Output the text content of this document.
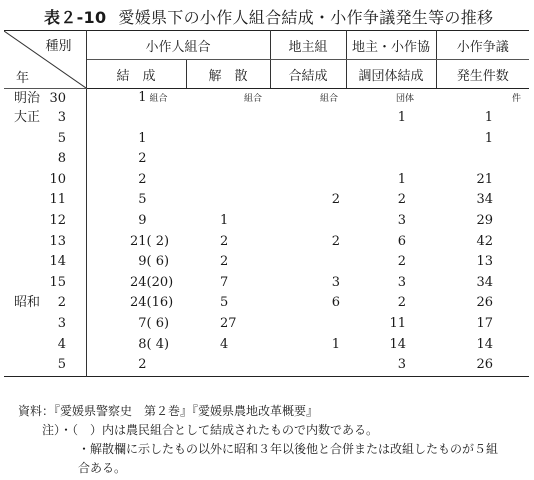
表２-10 愛媛県下の小作人組合結成・小作争議発生等の推移
種別
年	小作人組合		地主組	地主・小作協	小作争議
	結　成	解　散	合結成	調団体結成	発生件数
明治 30	1 組合	組合	組合	団体	件
大正 3				1	1
5	1				1
8	2				
10	2			1	21
11	5		2	2	34
12	9	1		3	29
13	21( 2)	2	2	6	42
14	9( 6)	2		2	13
15	24(20)	7	3	3	34
昭和 2	24(16)	5	6	2	26
3	7( 6)	27		11	17
4	8( 4)	4	1	14	14
5	2			3	26
資料：『愛媛県警察史　第２巻』『愛媛県農地改革概要』
注）・（　）内は農民組合として結成されたもので内数である。
・解散欄に示したもの以外に昭和３年以後他と合併または改組したものが５組
合ある。
